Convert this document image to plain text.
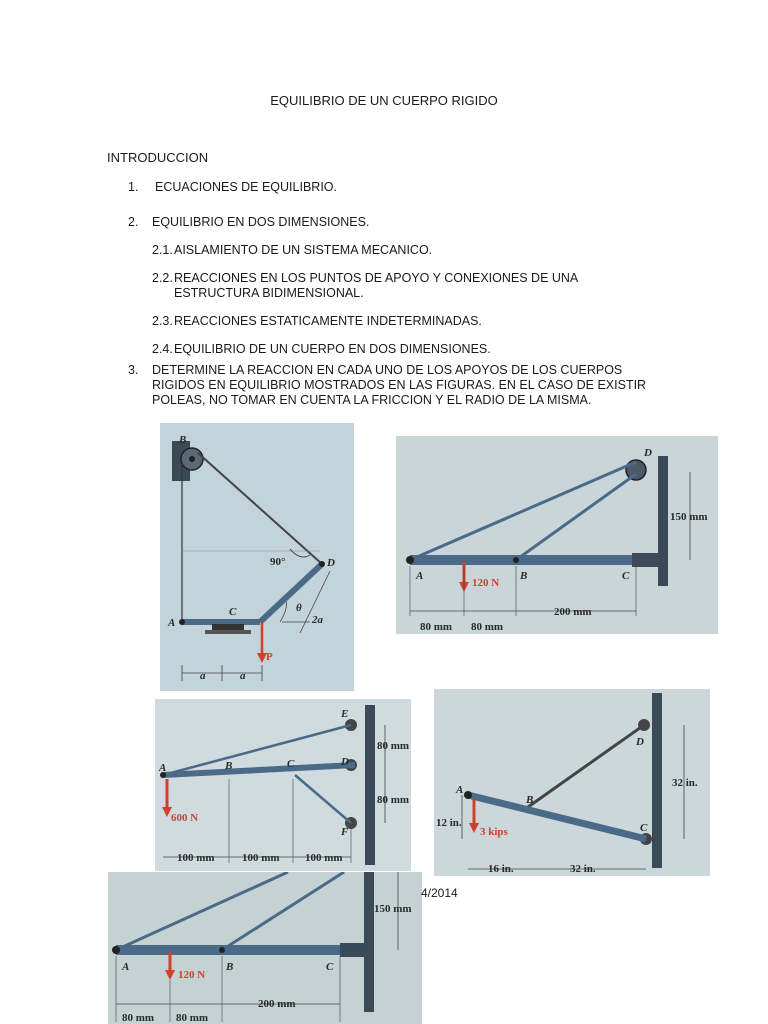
EQUILIBRIO DE UN CUERPO RIGIDO
INTRODUCCION
1. ECUACIONES DE EQUILIBRIO.
2. EQUILIBRIO EN DOS DIMENSIONES.
2.1. AISLAMIENTO DE UN SISTEMA MECANICO.
2.2. REACCIONES EN LOS PUNTOS DE APOYO Y CONEXIONES DE UNA
ESTRUCTURA BIDIMENSIONAL.
2.3. REACCIONES ESTATICAMENTE INDETERMINADAS.
2.4. EQUILIBRIO DE UN CUERPO EN DOS DIMENSIONES.
3. DETERMINE LA REACCION EN CADA UNO DE LOS APOYOS DE LOS CUERPOS
RIGIDOS EN EQUILIBRIO MOSTRADOS EN LAS FIGURAS. EN EL CASO DE EXISTIR
POLEAS, NO TOMAR EN CUENTA LA FRICCION Y EL RADIO DE LA MISMA.
B
D
A
C
P
90°
θ
2a
a	a
D
A	B	C
120 N
150 mm
80 mm 80 mm
200 mm
E
A	B	C	D
F
600 N
80 mm
80 mm
100 mm 100 mm 100 mm
D
A
B
C
3 kips
32 in.
12 in.
16 in.	32 in.
A	B	C
120 N
150 mm
80 mm 80 mm
200 mm
4/2014
